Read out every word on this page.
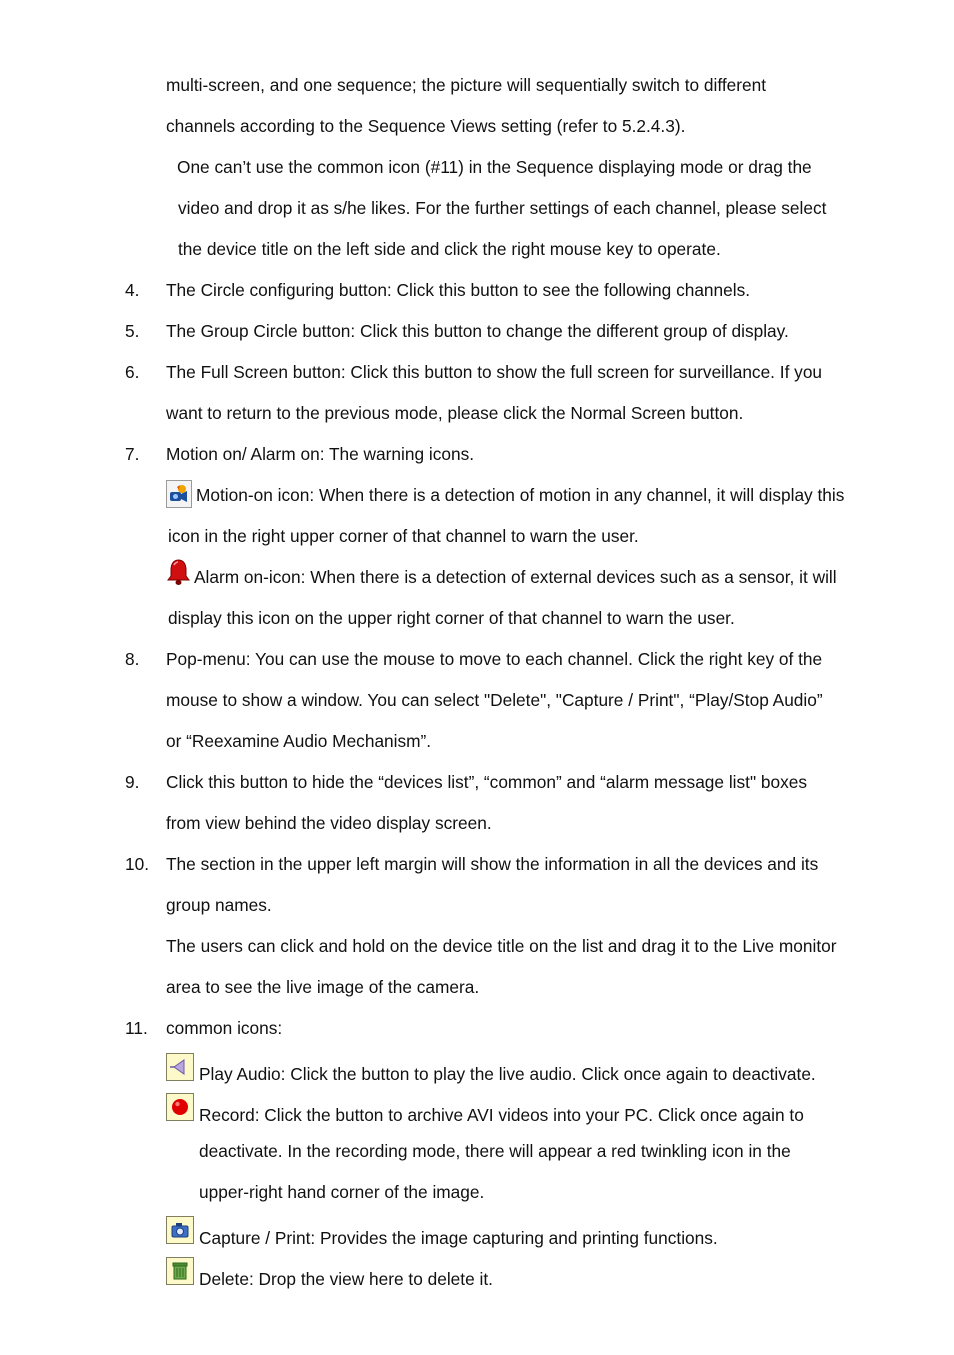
multi-screen, and one sequence; the picture will sequentially switch to different
channels according to the Sequence Views setting (refer to 5.2.4.3).
One can’t use the common icon (#11) in the Sequence displaying mode or drag the
video and drop it as s/he likes. For the further settings of each channel, please select
the device title on the left side and click the right mouse key to operate.
4. The Circle configuring button: Click this button to see the following channels.
5. The Group Circle button: Click this button to change the different group of display.
6. The Full Screen button: Click this button to show the full screen for surveillance. If you
want to return to the previous mode, please click the Normal Screen button.
7. Motion on/ Alarm on: The warning icons.
Motion-on icon: When there is a detection of motion in any channel, it will display this
icon in the right upper corner of that channel to warn the user.
Alarm on-icon: When there is a detection of external devices such as a sensor, it will
display this icon on the upper right corner of that channel to warn the user.
8. Pop-menu: You can use the mouse to move to each channel. Click the right key of the
mouse to show a window. You can select "Delete", "Capture / Print", “Play/Stop Audio”
or “Reexamine Audio Mechanism”.
9. Click this button to hide the “devices list”, “common” and “alarm message list" boxes
from view behind the video display screen.
10. The section in the upper left margin will show the information in all the devices and its
group names.
The users can click and hold on the device title on the list and drag it to the Live monitor
area to see the live image of the camera.
11. common icons:
Play Audio: Click the button to play the live audio. Click once again to deactivate.
Record: Click the button to archive AVI videos into your PC. Click once again to
deactivate. In the recording mode, there will appear a red twinkling icon in the
upper-right hand corner of the image.
Capture / Print: Provides the image capturing and printing functions.
Delete: Drop the view here to delete it.
